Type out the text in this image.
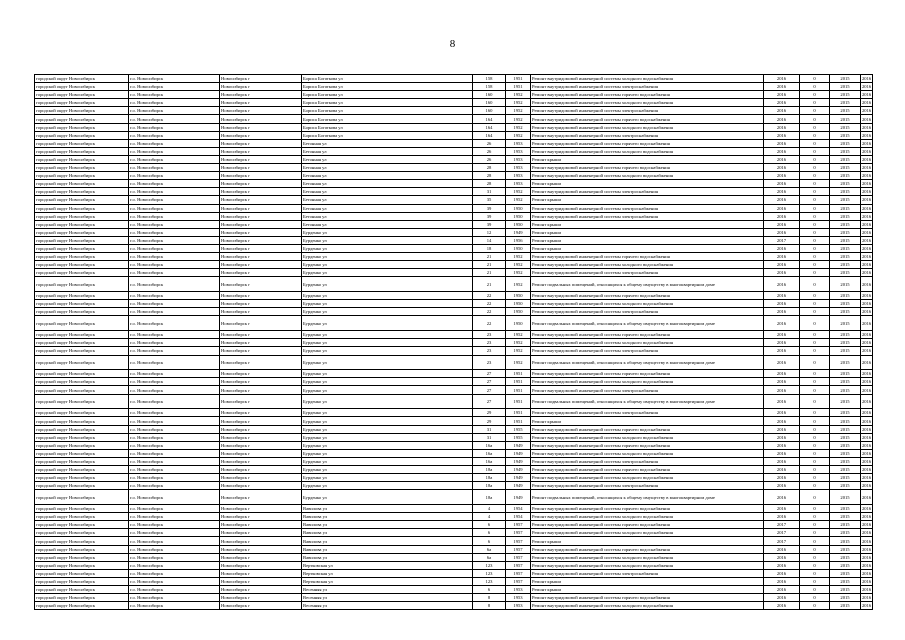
8
городской округ Новосибирск	г.о. Новосибирск	Новосибирск г	Бориса Богаткова ул	158	1951	Ремонт внутридомовой инженерной системы холодного водоснабжения	2016	0	2015	2016
городской округ Новосибирск	г.о. Новосибирск	Новосибирск г	Бориса Богаткова ул	158	1951	Ремонт внутридомовой инженерной системы электроснабжения	2016	0	2015	2016
городской округ Новосибирск	г.о. Новосибирск	Новосибирск г	Бориса Богаткова ул	160	1952	Ремонт внутридомовой инженерной системы горячего водоснабжения	2016	0	2015	2016
городской округ Новосибирск	г.о. Новосибирск	Новосибирск г	Бориса Богаткова ул	160	1952	Ремонт внутридомовой инженерной системы холодного водоснабжения	2016	0	2015	2016
городской округ Новосибирск	г.о. Новосибирск	Новосибирск г	Бориса Богаткова ул	160	1952	Ремонт внутридомовой инженерной системы электроснабжения	2016	0	2015	2016
городской округ Новосибирск	г.о. Новосибирск	Новосибирск г	Бориса Богаткова ул	164	1952	Ремонт внутридомовой инженерной системы горячего водоснабжения	2016	0	2015	2016
городской округ Новосибирск	г.о. Новосибирск	Новосибирск г	Бориса Богаткова ул	164	1952	Ремонт внутридомовой инженерной системы холодного водоснабжения	2016	0	2015	2016
городской округ Новосибирск	г.о. Новосибирск	Новосибирск г	Бориса Богаткова ул	164	1952	Ремонт внутридомовой инженерной системы электроснабжения	2016	0	2015	2016
городской округ Новосибирск	г.о. Новосибирск	Новосибирск г	Бетонная ул	26	1953	Ремонт внутридомовой инженерной системы горячего водоснабжения	2016	0	2015	2016
городской округ Новосибирск	г.о. Новосибирск	Новосибирск г	Бетонная ул	26	1953	Ремонт внутридомовой инженерной системы холодного водоснабжения	2016	0	2015	2016
городской округ Новосибирск	г.о. Новосибирск	Новосибирск г	Бетонная ул	26	1953	Ремонт крыши	2016	0	2015	2016
городской округ Новосибирск	г.о. Новосибирск	Новосибирск г	Бетонная ул	28	1953	Ремонт внутридомовой инженерной системы горячего водоснабжения	2016	0	2015	2016
городской округ Новосибирск	г.о. Новосибирск	Новосибирск г	Бетонная ул	28	1953	Ремонт внутридомовой инженерной системы холодного водоснабжения	2016	0	2015	2016
городской округ Новосибирск	г.о. Новосибирск	Новосибирск г	Бетонная ул	28	1953	Ремонт крыши	2016	0	2015	2016
городской округ Новосибирск	г.о. Новосибирск	Новосибирск г	Бетонная ул	31	1952	Ремонт внутридомовой инженерной системы электроснабжения	2016	0	2015	2016
городской округ Новосибирск	г.о. Новосибирск	Новосибирск г	Бетонная ул	35	1952	Ремонт крыши	2016	0	2015	2016
городской округ Новосибирск	г.о. Новосибирск	Новосибирск г	Бетонная ул	39	1950	Ремонт внутридомовой инженерной системы электроснабжения	2016	0	2015	2016
городской округ Новосибирск	г.о. Новосибирск	Новосибирск г	Бетонная ул	39	1950	Ремонт внутридомовой инженерной системы электроснабжения	2016	0	2015	2016
городской округ Новосибирск	г.о. Новосибирск	Новосибирск г	Бетонная ул	39	1950	Ремонт крыши	2016	0	2015	2016
городской округ Новосибирск	г.о. Новосибирск	Новосибирск г	Бурденко ул	12	1949	Ремонт крыши	2016	0	2015	2016
городской округ Новосибирск	г.о. Новосибирск	Новосибирск г	Бурденко ул	14	1956	Ремонт крыши	2017	0	2015	2016
городской округ Новосибирск	г.о. Новосибирск	Новосибирск г	Бурденко ул	18	1950	Ремонт крыши	2016	0	2015	2016
городской округ Новосибирск	г.о. Новосибирск	Новосибирск г	Бурденко ул	21	1952	Ремонт внутридомовой инженерной системы горячего водоснабжения	2016	0	2015	2016
городской округ Новосибирск	г.о. Новосибирск	Новосибирск г	Бурденко ул	21	1952	Ремонт внутридомовой инженерной системы холодного водоснабжения	2016	0	2015	2016
городской округ Новосибирск	г.о. Новосибирск	Новосибирск г	Бурденко ул	21	1952	Ремонт внутридомовой инженерной системы электроснабжения	2016	0	2015	2016
городской округ Новосибирск	г.о. Новосибирск	Новосибирск г	Бурденко ул	21	1952	Ремонт подвальных помещений, относящихся к общему имуществу в многоквартирном доме	2016	0	2015	2016
городской округ Новосибирск	г.о. Новосибирск	Новосибирск г	Бурденко ул	22	1950	Ремонт внутридомовой инженерной системы горячего водоснабжения	2016	0	2015	2016
городской округ Новосибирск	г.о. Новосибирск	Новосибирск г	Бурденко ул	22	1950	Ремонт внутридомовой инженерной системы холодного водоснабжения	2016	0	2015	2016
городской округ Новосибирск	г.о. Новосибирск	Новосибирск г	Бурденко ул	22	1950	Ремонт внутридомовой инженерной системы электроснабжения	2016	0	2015	2016
городской округ Новосибирск	г.о. Новосибирск	Новосибирск г	Бурденко ул	22	1950	Ремонт подвальных помещений, относящихся к общему имуществу в многоквартирном доме	2016	0	2015	2016
городской округ Новосибирск	г.о. Новосибирск	Новосибирск г	Бурденко ул	23	1952	Ремонт внутридомовой инженерной системы горячего водоснабжения	2016	0	2015	2016
городской округ Новосибирск	г.о. Новосибирск	Новосибирск г	Бурденко ул	23	1952	Ремонт внутридомовой инженерной системы холодного водоснабжения	2016	0	2015	2016
городской округ Новосибирск	г.о. Новосибирск	Новосибирск г	Бурденко ул	23	1952	Ремонт внутридомовой инженерной системы электроснабжения	2016	0	2015	2016
городской округ Новосибирск	г.о. Новосибирск	Новосибирск г	Бурденко ул	23	1952	Ремонт подвальных помещений, относящихся к общему имуществу в многоквартирном доме	2016	0	2015	2016
городской округ Новосибирск	г.о. Новосибирск	Новосибирск г	Бурденко ул	27	1951	Ремонт внутридомовой инженерной системы горячего водоснабжения	2016	0	2015	2016
городской округ Новосибирск	г.о. Новосибирск	Новосибирск г	Бурденко ул	27	1951	Ремонт внутридомовой инженерной системы холодного водоснабжения	2016	0	2015	2016
городской округ Новосибирск	г.о. Новосибирск	Новосибирск г	Бурденко ул	27	1951	Ремонт внутридомовой инженерной системы электроснабжения	2016	0	2015	2016
городской округ Новосибирск	г.о. Новосибирск	Новосибирск г	Бурденко ул	27	1951	Ремонт подвальных помещений, относящихся к общему имуществу в многоквартирном доме	2016	0	2015	2016
городской округ Новосибирск	г.о. Новосибирск	Новосибирск г	Бурденко ул	29	1951	Ремонт внутридомовой инженерной системы электроснабжения	2016	0	2015	2016
городской округ Новосибирск	г.о. Новосибирск	Новосибирск г	Бурденко ул	29	1951	Ремонт крыши	2016	0	2015	2016
городской округ Новосибирск	г.о. Новосибирск	Новосибирск г	Бурденко ул	31	1955	Ремонт внутридомовой инженерной системы горячего водоснабжения	2016	0	2015	2016
городской округ Новосибирск	г.о. Новосибирск	Новосибирск г	Бурденко ул	31	1955	Ремонт внутридомовой инженерной системы холодного водоснабжения	2016	0	2015	2016
городской округ Новосибирск	г.о. Новосибирск	Новосибирск г	Бурденко ул	16а	1949	Ремонт внутридомовой инженерной системы горячего водоснабжения	2016	0	2015	2016
городской округ Новосибирск	г.о. Новосибирск	Новосибирск г	Бурденко ул	16а	1949	Ремонт внутридомовой инженерной системы холодного водоснабжения	2016	0	2015	2016
городской округ Новосибирск	г.о. Новосибирск	Новосибирск г	Бурденко ул	16а	1949	Ремонт внутридомовой инженерной системы электроснабжения	2016	0	2015	2016
городской округ Новосибирск	г.о. Новосибирск	Новосибирск г	Бурденко ул	18а	1949	Ремонт внутридомовой инженерной системы горячего водоснабжения	2016	0	2015	2016
городской округ Новосибирск	г.о. Новосибирск	Новосибирск г	Бурденко ул	18а	1949	Ремонт внутридомовой инженерной системы холодного водоснабжения	2016	0	2015	2016
городской округ Новосибирск	г.о. Новосибирск	Новосибирск г	Бурденко ул	18а	1949	Ремонт внутридомовой инженерной системы электроснабжения	2016	0	2015	2016
городской округ Новосибирск	г.о. Новосибирск	Новосибирск г	Бурденко ул	18а	1949	Ремонт подвальных помещений, относящихся к общему имуществу в многоквартирном доме	2016	0	2015	2016
городской округ Новосибирск	г.о. Новосибирск	Новосибирск г	Вавилова ул	4	1954	Ремонт внутридомовой инженерной системы горячего водоснабжения	2016	0	2015	2016
городской округ Новосибирск	г.о. Новосибирск	Новосибирск г	Вавилова ул	4	1954	Ремонт внутридомовой инженерной системы холодного водоснабжения	2016	0	2015	2016
городской округ Новосибирск	г.о. Новосибирск	Новосибирск г	Вавилова ул	6	1957	Ремонт внутридомовой инженерной системы горячего водоснабжения	2017	0	2015	2016
городской округ Новосибирск	г.о. Новосибирск	Новосибирск г	Вавилова ул	6	1957	Ремонт внутридомовой инженерной системы холодного водоснабжения	2017	0	2015	2016
городской округ Новосибирск	г.о. Новосибирск	Новосибирск г	Вавилова ул	6	1957	Ремонт крыши	2017	0	2015	2016
городской округ Новосибирск	г.о. Новосибирск	Новосибирск г	Вавилова ул	6а	1957	Ремонт внутридомовой инженерной системы горячего водоснабжения	2016	0	2015	2016
городской округ Новосибирск	г.о. Новосибирск	Новосибирск г	Вавилова ул	6а	1957	Ремонт внутридомовой инженерной системы холодного водоснабжения	2016	0	2015	2016
городской округ Новосибирск	г.о. Новосибирск	Новосибирск г	Вертковская ул	123	1957	Ремонт внутридомовой инженерной системы холодного водоснабжения	2016	0	2015	2016
городской округ Новосибирск	г.о. Новосибирск	Новосибирск г	Вертковская ул	123	1957	Ремонт внутридомовой инженерной системы электроснабжения	2016	0	2015	2016
городской округ Новосибирск	г.о. Новосибирск	Новосибирск г	Вертковская ул	123	1957	Ремонт крыши	2016	0	2015	2016
городской округ Новосибирск	г.о. Новосибирск	Новосибирск г	Весенняя ул	6	1953	Ремонт крыши	2016	0	2015	2016
городской округ Новосибирск	г.о. Новосибирск	Новосибирск г	Весенняя ул	8	1953	Ремонт внутридомовой инженерной системы горячего водоснабжения	2016	0	2015	2016
городской округ Новосибирск	г.о. Новосибирск	Новосибирск г	Весенняя ул	8	1953	Ремонт внутридомовой инженерной системы холодного водоснабжения	2016	0	2015	2016
